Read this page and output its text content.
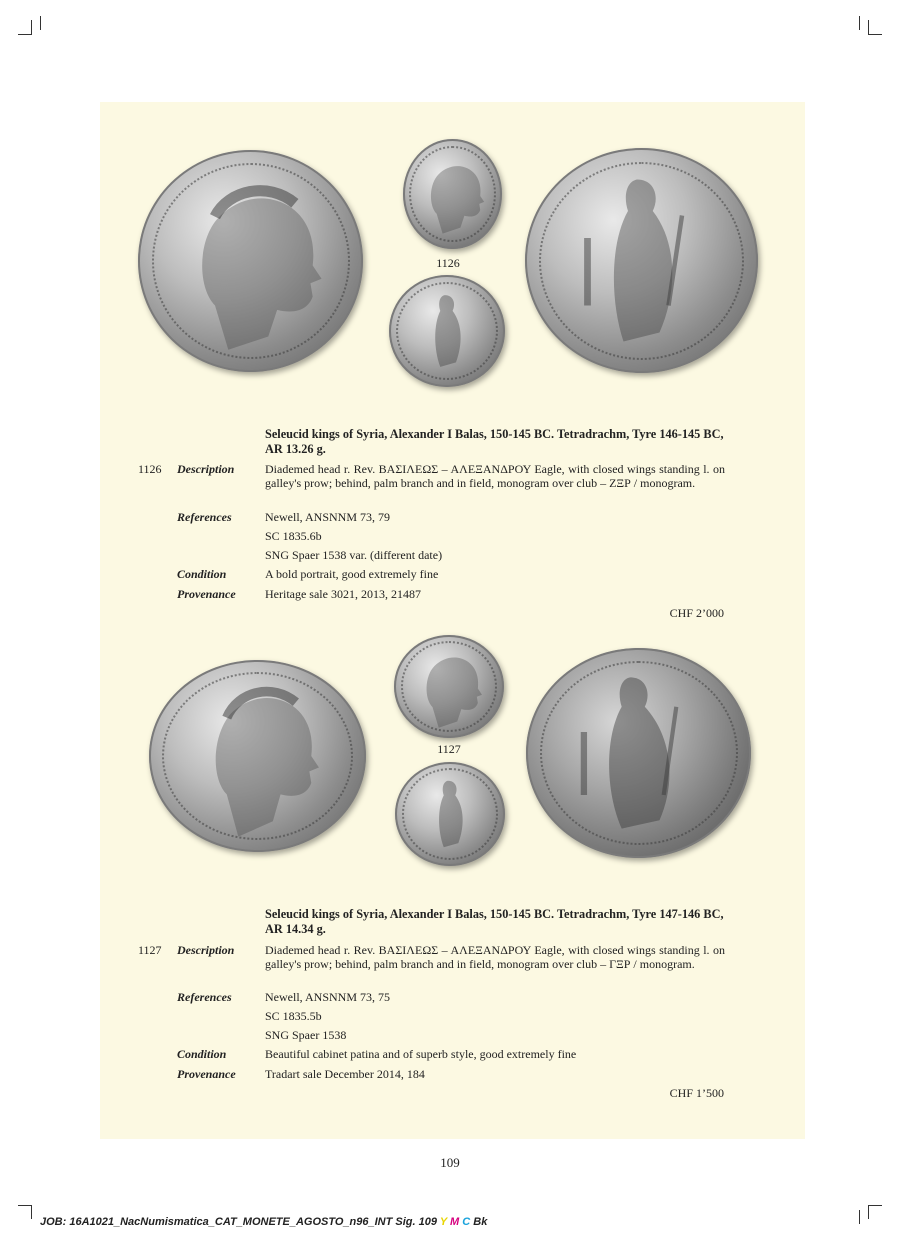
1126
Seleucid kings of Syria, Alexander I Balas, 150-145 BC. Tetradrachm, Tyre 146-145 BC, AR 13.26 g.
1126 Description	Diademed head r. Rev. ΒΑΣΙΛΕΩΣ – ΑΛΕΞΑΝΔΡΟΥ Eagle, with closed wings standing l. on galley's prow; behind, palm branch and in field, monogram over club – ΖΞΡ / monogram.
References	Newell, ANSNNM 73, 79
SC 1835.6b
SNG Spaer 1538 var. (different date)
Condition	A bold portrait, good extremely fine
Provenance Heritage sale 3021, 2013, 21487
CHF 2’000
1127
Seleucid kings of Syria, Alexander I Balas, 150-145 BC. Tetradrachm, Tyre 147-146 BC, AR 14.34 g.
1127 Description	Diademed head r. Rev. ΒΑΣΙΛΕΩΣ – ΑΛΕΞΑΝΔΡΟΥ Eagle, with closed wings standing l. on galley's prow; behind, palm branch and in field, monogram over club – ΓΞΡ / monogram.
References	Newell, ANSNNM 73, 75
SC 1835.5b
SNG Spaer 1538
Condition	Beautiful cabinet patina and of superb style, good extremely fine
Provenance Tradart sale December 2014, 184
CHF 1’500
109
JOB: 16A1021_NacNumismatica_CAT_MONETE_AGOSTO_n96_INT Sig. 109 Y M C Bk
